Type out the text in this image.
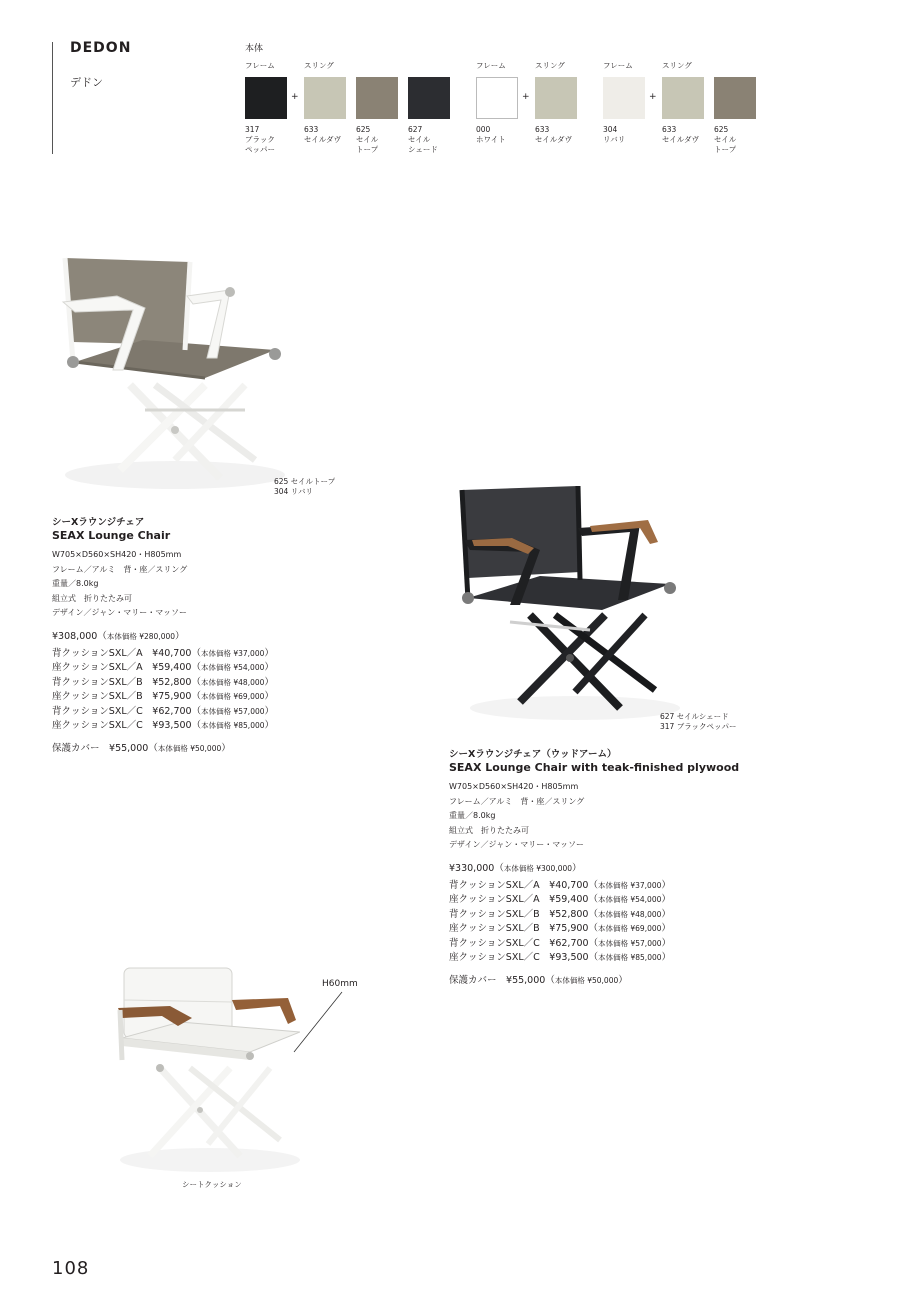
DEDON
デドン
本体
フレーム	スリング
+
317
ブラック
ペッパー
633
セイルダヴ
625
セイル
トープ
627
セイル
シェード
フレーム	スリング
+
000
ホワイト
633
セイルダヴ
フレーム	スリング
+
304
リバリ
633
セイルダヴ
625
セイル
トープ
625 セイルトープ
304 リバリ
シーXラウンジチェア
SEAX Lounge Chair
W705×D560×SH420・H805mm
フレーム／アルミ　背・座／スリング
重量／8.0kg
組立式　折りたたみ可
デザイン／ジャン・マリー・マッソー
¥308,000（本体価格 ¥280,000）
背クッションSXL／A　 ¥40,700（本体価格 ¥37,000）
座クッションSXL／A　 ¥59,400（本体価格 ¥54,000）
背クッションSXL／B　 ¥52,800（本体価格 ¥48,000）
座クッションSXL／B　 ¥75,900（本体価格 ¥69,000）
背クッションSXL／C　 ¥62,700（本体価格 ¥57,000）
座クッションSXL／C　 ¥93,500（本体価格 ¥85,000）
保護カバー　 ¥55,000（本体価格 ¥50,000）
627 セイルシェード
317 ブラックペッパー
シーXラウンジチェア（ウッドアーム）
SEAX Lounge Chair with teak-finished plywood
W705×D560×SH420・H805mm
フレーム／アルミ　背・座／スリング
重量／8.0kg
組立式　折りたたみ可
デザイン／ジャン・マリー・マッソー
¥330,000（本体価格 ¥300,000）
背クッションSXL／A　 ¥40,700（本体価格 ¥37,000）
座クッションSXL／A　 ¥59,400（本体価格 ¥54,000）
背クッションSXL／B　 ¥52,800（本体価格 ¥48,000）
座クッションSXL／B　 ¥75,900（本体価格 ¥69,000）
背クッションSXL／C　 ¥62,700（本体価格 ¥57,000）
座クッションSXL／C　 ¥93,500（本体価格 ¥85,000）
保護カバー　 ¥55,000（本体価格 ¥50,000）
H60mm
シートクッション
108
